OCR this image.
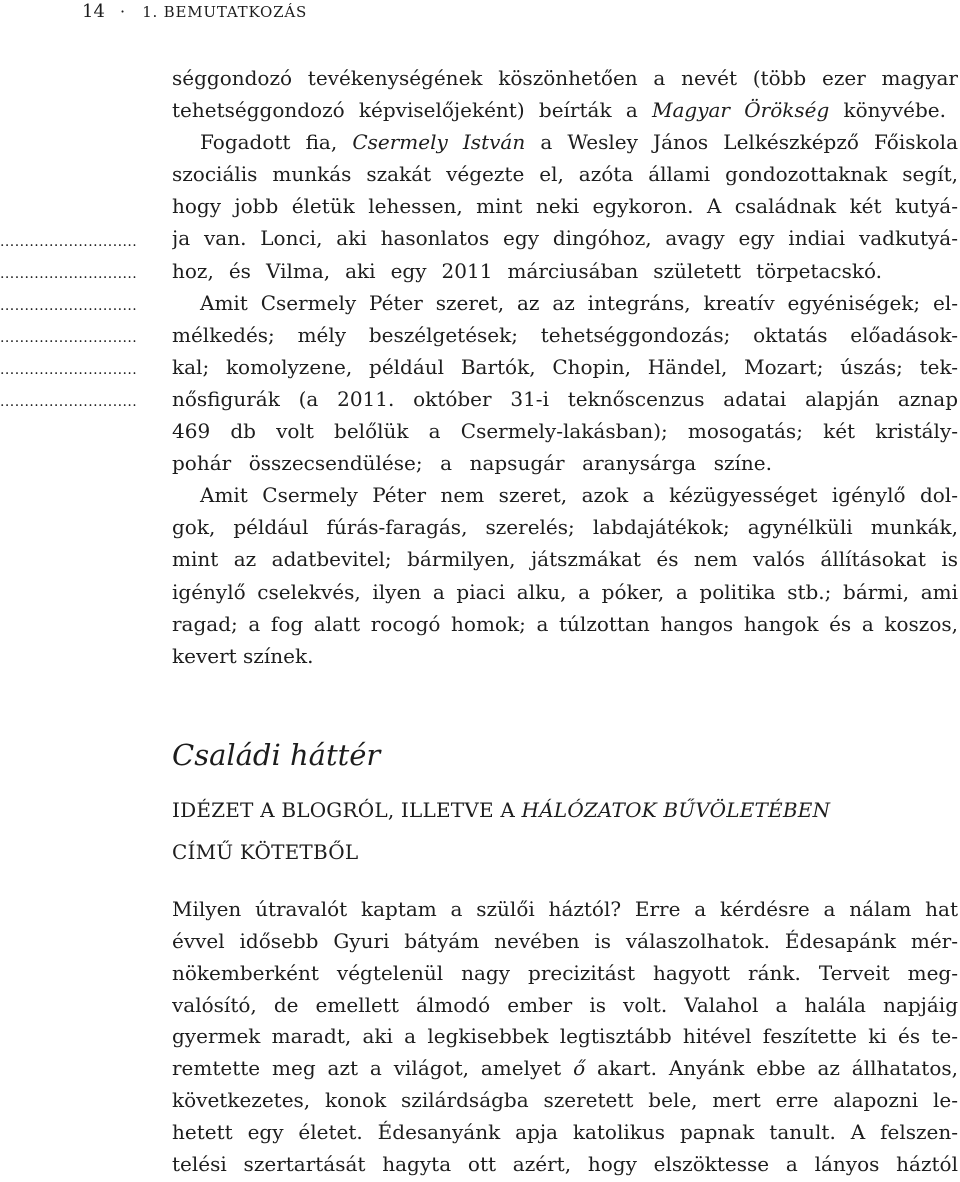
14 · 1. BEMUTATKOZÁS
............................
............................
............................
............................
............................
............................
séggondozó tevékenységének köszönhetően a nevét (több ezer magyar
tehetséggondozó képviselőjeként) beírták a Magyar Örökség könyvébe.
Fogadott fia, Csermely István a Wesley János Lelkészképző Főiskola
szociális munkás szakát végezte el, azóta állami gondozottaknak segít,
hogy jobb életük lehessen, mint neki egykoron. A családnak két kutyá-
ja van. Lonci, aki hasonlatos egy dingóhoz, avagy egy indiai vadkutyá-
hoz, és Vilma, aki egy 2011 márciusában született törpetacskó.
Amit Csermely Péter szeret, az az integráns, kreatív egyéniségek; el-
mélkedés; mély beszélgetések; tehetséggondozás; oktatás előadások-
kal; komolyzene, például Bartók, Chopin, Händel, Mozart; úszás; tek-
nősfigurák (a 2011. október 31-i teknőscenzus adatai alapján aznap
469 db volt belőlük a Csermely-lakásban); mosogatás; két kristály-
pohár összecsendülése; a napsugár aranysárga színe.
Amit Csermely Péter nem szeret, azok a kézügyességet igénylő dol-
gok, például fúrás-faragás, szerelés; labdajátékok; agynélküli munkák,
mint az adatbevitel; bármilyen, játszmákat és nem valós állításokat is
igénylő cselekvés, ilyen a piaci alku, a póker, a politika stb.; bármi, ami
ragad; a fog alatt rocogó homok; a túlzottan hangos hangok és a koszos,
kevert színek.
Családi háttér
IDÉZET A BLOGRÓL, ILLETVE A HÁLÓZATOK BŰVÖLETÉBEN
CÍMŰ KÖTETBŐL
Milyen útravalót kaptam a szülői háztól? Erre a kérdésre a nálam hat
évvel idősebb Gyuri bátyám nevében is válaszolhatok. Édesapánk mér-
nökemberként végtelenül nagy precizitást hagyott ránk. Terveit meg-
valósító, de emellett álmodó ember is volt. Valahol a halála napjáig
gyermek maradt, aki a legkisebbek legtisztább hitével feszítette ki és te-
remtette meg azt a világot, amelyet ő akart. Anyánk ebbe az állhatatos,
következetes, konok szilárdságba szeretett bele, mert erre alapozni le-
hetett egy életet. Édesanyánk apja katolikus papnak tanult. A felszen-
telési szertartását hagyta ott azért, hogy elszöktesse a lányos háztól
